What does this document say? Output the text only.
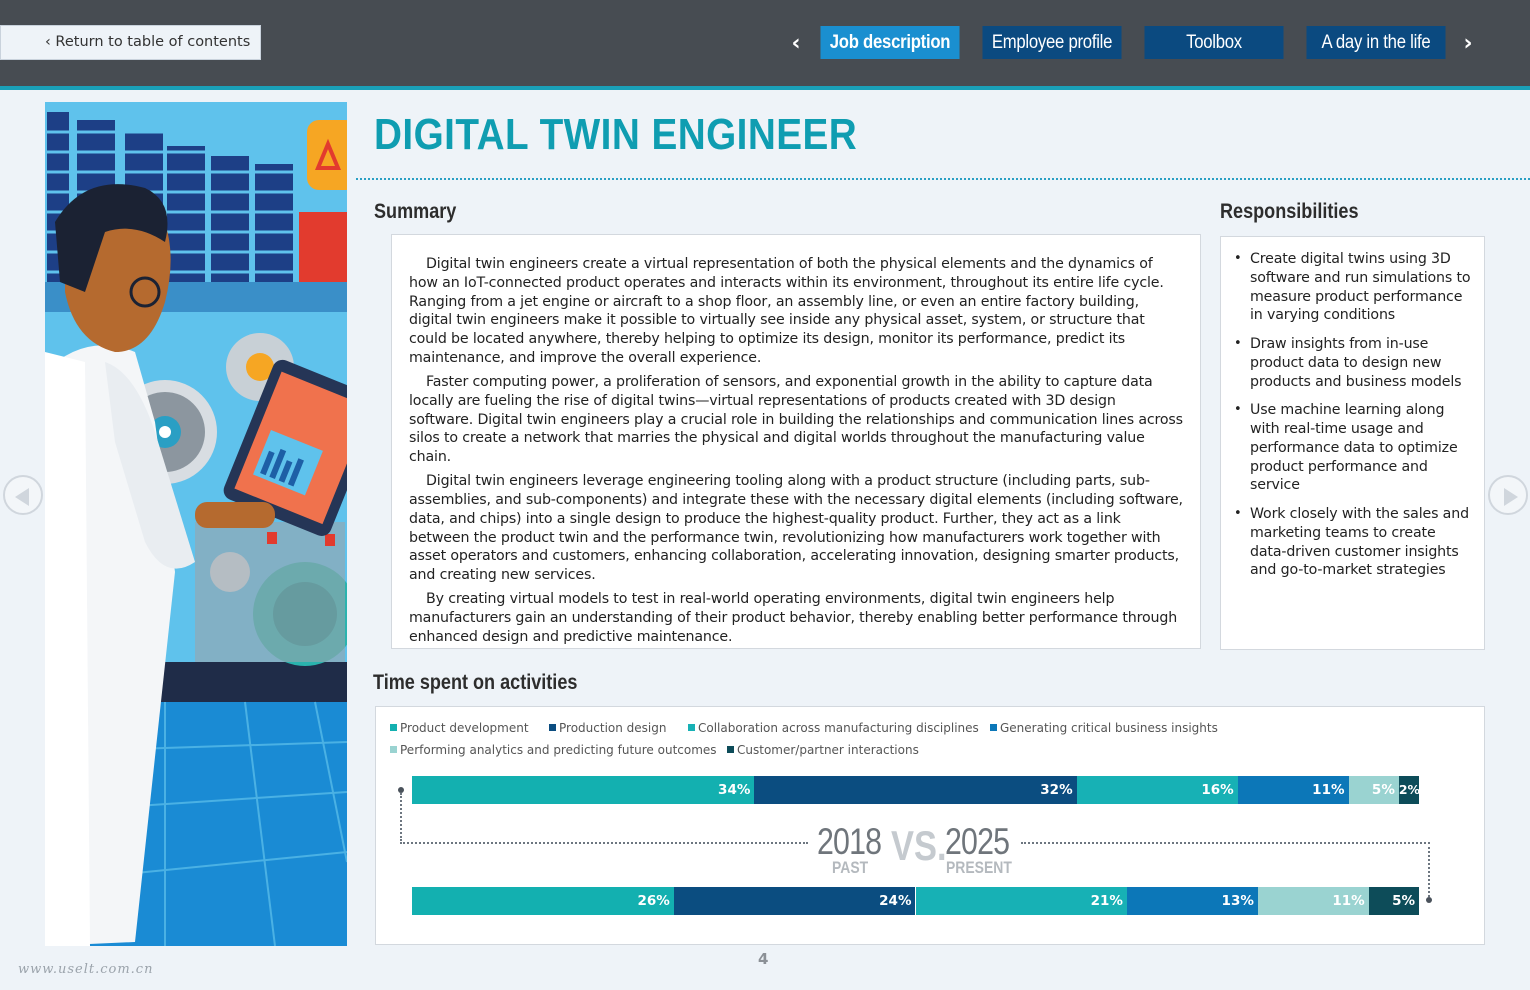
‹ Return to table of contents	‹	Job description	Employee profile	Toolbox	A day in the life	›
DIGITAL TWIN ENGINEER
Summary

Digital twin engineers create a virtual representation of both the physical elements and the dynamics of how an IoT-connected product operates and interacts within its environment, throughout its entire life cycle. Ranging from a jet engine or aircraft to a shop floor, an assembly line, or even an entire factory building, digital twin engineers make it possible to virtually see inside any physical asset, system, or structure that could be located anywhere, thereby helping to optimize its design, monitor its performance, predict its maintenance, and improve the overall experience.

Faster computing power, a proliferation of sensors, and exponential growth in the ability to capture data locally are fueling the rise of digital twins—virtual representations of products created with 3D design software. Digital twin engineers play a crucial role in building the relationships and communication lines across silos to create a network that marries the physical and digital worlds throughout the manufacturing value chain.

Digital twin engineers leverage engineering tooling along with a product structure (including parts, sub-assemblies, and sub-components) and integrate these with the necessary digital elements (including software, data, and chips) into a single design to produce the highest-quality product. Further, they act as a link between the product twin and the performance twin, revolutionizing how manufacturers work together with asset operators and customers, enhancing collaboration, accelerating innovation, designing smarter products, and creating new services.

By creating virtual models to test in real-world operating environments, digital twin engineers help manufacturers gain an understanding of their product behavior, thereby enabling better performance through enhanced design and predictive maintenance.

Responsibilities
• Create digital twins using 3D software and run simulations to measure product performance in varying conditions
• Draw insights from in-use product data to design new products and business models
• Use machine learning along with real-time usage and performance data to optimize product performance and service
• Work closely with the sales and marketing teams to create data-driven customer insights and go-to-market strategies
Time spent on activities
Product development	Production design	Collaboration across manufacturing disciplines	Generating critical business insights
Performing analytics and predicting future outcomes	Customer/partner interactions
2018
PAST VS.
2025
PRESENT
34%	32%	16%	11%	5% 2%
26%	24%	21%	13%	11%	5%
4
www.uselt.com.cn
